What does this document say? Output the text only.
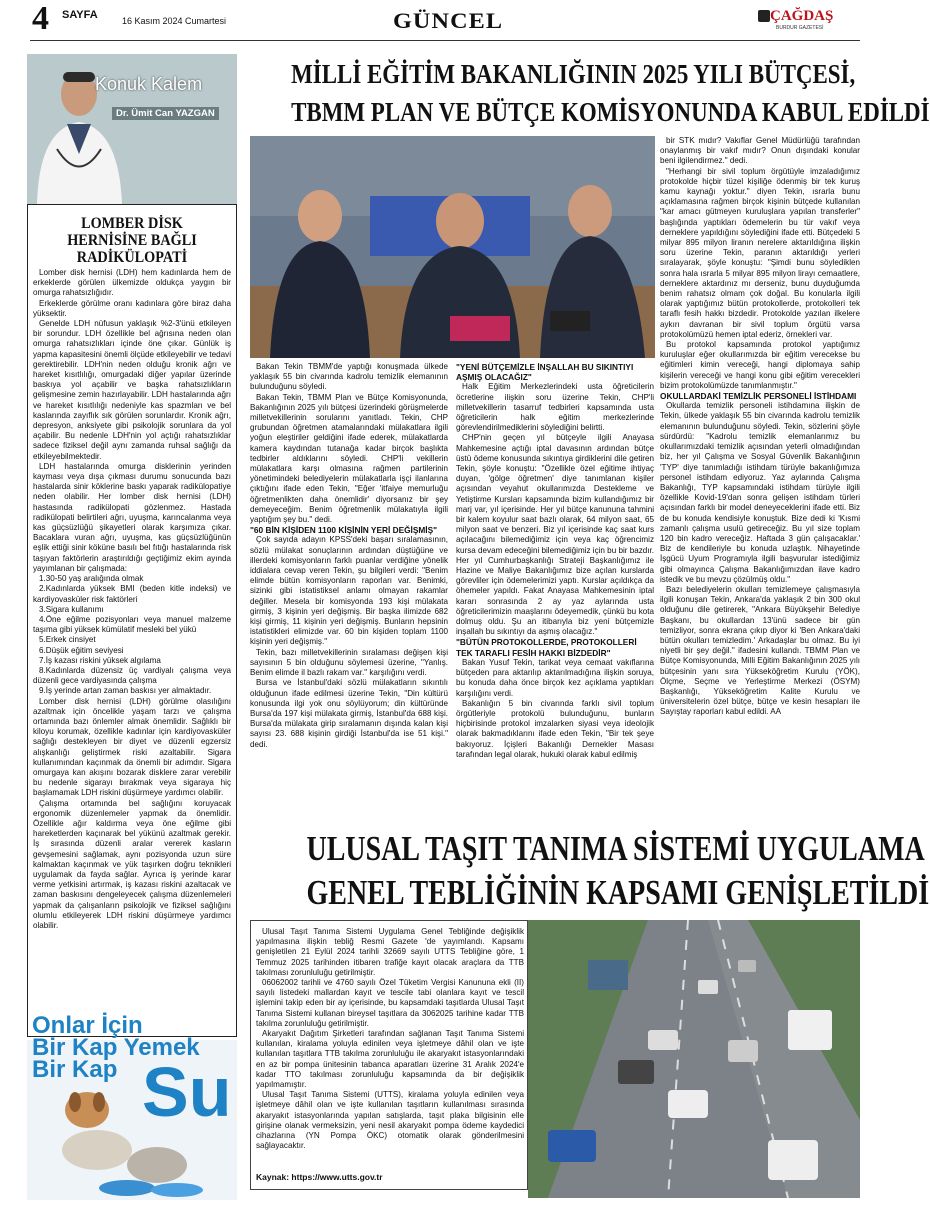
4 SAYFA	16 Kasım 2024 Cumartesi	GÜNCEL	ÇAĞDAŞ
BURDUR GAZETESİ
Konuk Kalem
Dr. Ümit Can YAZGAN
LOMBER DİSK HERNİSİNE BAĞLI RADİKÜLOPATİ
Lomber disk hernisi (LDH) hem kadınlarda hem de erkeklerde görülen ülkemizde oldukça yaygın bir omurga rahatsızlığıdır.
Erkeklerde görülme oranı kadınlara göre biraz daha yüksektir.
Genelde LDH nüfusun yaklaşık %2-3'ünü etkileyen bir sorundur. LDH özellikle bel ağrısına neden olan omurga rahatsızlıkları içinde öne çıkar. Günlük iş yapma kapasitesini önemli ölçüde etkileyebilir ve tedavi gerektirebilir. LDH'nin neden olduğu kronik ağrı ve hareket kısıtlılığı, omurgadaki diğer yapılar üzerinde baskıya yol açabilir ve başka rahatsızlıkların gelişmesine zemin hazırlayabilir. LDH hastalarında ağrı ve hareket kısıtlılığı nedeniyle kas spazmları ve bel kaslarında zayıflık sık görülen sorunlardır. Kronik ağrı, depresyon, anksiyete gibi psikolojik sorunlara da yol açabilir. Bu nedenle LDH'nin yol açtığı rahatsızlıklar sadece fiziksel değil aynı zamanda ruhsal sağlığı da etkileyebilmektedir.
LDH hastalarında omurga disklerinin yerinden kayması veya dışa çıkması durumu sonucunda bazı hastalarda sinir köklerine baskı yaparak radikülopatiye neden olabilir. Her lomber disk hernisi (LDH) hastasında radikülopati gözlenmez. Hastada radikülopati belirtileri ağrı, uyuşma, karıncalanma veya kas güçsüzlüğü şikayetleri olarak karşımıza çıkar. Bacaklara vuran ağrı, uyuşma, kas güçsüzlüğünün eşlik ettiği sinir köküne basılı bel fıtığı hastalarında risk taşıyan faktörlerin araştırıldığı geçtiğimiz ekim ayında yayımlanan bir çalışmada:
1.30-50 yaş aralığında olmak
2.Kadınlarda yüksek BMI (beden kitle indeksi) ve kardiyovasküler risk faktörleri
3.Sigara kullanımı
4.Öne eğilme pozisyonları veya manuel malzeme taşıma gibi yüksek kümülatif mesleki bel yükü
5.Erkek cinsiyet
6.Düşük eğitim seviyesi
7.İş kazası riskini yüksek algılama
8.Kadınlarda düzensiz üç vardiyalı çalışma veya düzenli gece vardiyasında çalışma
9.İş yerinde artan zaman baskısı yer almaktadır.
Lomber disk hernisi (LDH) görülme olasılığını azaltmak için öncelikle yaşam tarzı ve çalışma ortamında bazı önlemler almak önemlidir. Sağlıklı bir kiloyu korumak, özellikle kadınlar için kardiyovasküler sağlığı destekleyen bir diyet ve düzenli egzersiz alışkanlığı geliştirmek riski azaltabilir. Sigara kullanımından kaçınmak da önemli bir adımdır. Sigara omurgaya kan akışını bozarak disklere zarar verebilir bu nedenle sigarayı bırakmak veya sigaraya hiç başlamamak LDH riskini düşürmeye yardımcı olabilir.
Çalışma ortamında bel sağlığını koruyacak ergonomik düzenlemeler yapmak da önemlidir. Özellikle ağır kaldırma veya öne eğilme gibi hareketlerden kaçınarak bel yükünü azaltmak gerekir. İş sırasında düzenli aralar vererek kasların gevşemesini sağlamak, aynı pozisyonda uzun süre kalmaktan kaçınmak ve yük taşırken doğru teknikleri uygulamak da fayda sağlar. Ayrıca iş yerinde karar verme yetkisini artırmak, iş kazası riskini azaltacak ve zaman baskısını dengeleyecek çalışma düzenlemeleri yapmak da çalışanların psikolojik ve fiziksel sağlığını olumlu etkileyerek LDH riskini düşürmeye yardımcı olabilir.
Onlar İçin
Bir Kap Yemek
Bir Kap Su
MİLLİ EĞİTİM BAKANLIĞININ 2025 YILI BÜTÇESİ,
TBMM PLAN VE BÜTÇE KOMİSYONUNDA KABUL EDİLDİ
Bakan Tekin TBMM'de yaptığı konuşmada ülkede yaklaşık 55 bin civarında kadrolu temizlik elemanının bulunduğunu söyledi.
Bakan Tekin, TBMM Plan ve Bütçe Komisyonunda, Bakanlığının 2025 yılı bütçesi üzerindeki görüşmelerde milletvekillerinin sorularını yanıtladı. Tekin, CHP grubundan öğretmen atamalarındaki mülakatlara ilgili yoğun eleştiriler geldiğini ifade ederek, mülakatlarda kamera kaydından tutanağa kadar birçok başlıkta tedbirler aldıklarını söyledi. CHP'li vekillerin mülakatlara karşı olmasına rağmen partilerinin yönetimindeki belediyelerin mülakatlarla işçi ilanlarına çıktığını ifade eden Tekin, "Eğer 'itfaiye memurluğu öğretmenlikten daha önemlidir' diyorsanız bir şey demeyeceğim. Benim öğretmenlik mülakatıyla ilgili yaptığım şey bu." dedi.
"60 BİN KİŞİDEN 1100 KİŞİNİN YERİ DEĞİŞMİŞ"
Çok sayıda adayın KPSS'deki başarı sıralamasının, sözlü mülakat sonuçlarının ardından düştüğüne ve illerdeki komisyonların farklı puanlar verdiğine yönelik iddialara cevap veren Tekin, şu bilgileri verdi: "Benim elimde bütün komisyonların raporları var. Benimki, sizinki gibi istatistiksel anlamı olmayan rakamlar değiller. Mesela bir komisyonda 193 kişi mülakata girmiş, 3 kişinin yeri değişmiş. Bir başka ilimizde 682 kişi girmiş, 11 kişinin yeri değişmiş. Bunların hepsinin istatistikleri elimizde var. 60 bin kişiden toplam 1100 kişinin yeri değişmiş."
Tekin, bazı milletvekillerinin sıralaması değişen kişi sayısının 5 bin olduğunu söylemesi üzerine, "Yanlış. Benim elimde il bazlı rakam var." karşılığını verdi.
Bursa ve İstanbul'daki sözlü mülakatların sıkıntılı olduğunun ifade edilmesi üzerine Tekin, "Din kültürü konusunda ilgi yok onu söylüyorum; din kültüründe Bursa'da 197 kişi mülakata girmiş, İstanbul'da 688 kişi. Bursa'da mülakata girip sıralamanın dışında kalan kişi sayısı 23. 688 kişinin girdiği İstanbul'da ise 51 kişi." dedi.
"YENİ BÜTÇEMİZLE İNŞALLAH BU SIKINTIYI AŞMIŞ OLACAĞIZ"
Halk Eğitim Merkezlerindeki usta öğreticilerin öcretlerine ilişkin soru üzerine Tekin, CHP'li milletvekillerin tasarruf tedbirleri kapsamında usta öğreticilerin halk eğitim merkezlerinde görevlendirilmediklerini söylediğini belirtti.
CHP'nin geçen yıl bütçeyle ilgili Anayasa Mahkemesine açtığı iptal davasının ardından bütçe üstü ödeme konusunda sıkıntıya girdiklerini dile getiren Tekin, şöyle konuştu: "Özellikle özel eğitime ihtiyaç duyan, 'gölge öğretmen' diye tanımlanan kişiler açısından veyahut okullarımızda Destekleme ve Yetiştirme Kursları kapsamında bizim kullandığımız bir marj var, yıl içerisinde. Her yıl bütçe kanununa tahmini bir kalem koyulur saat bazlı olarak, 64 milyon saat, 65 milyon saat ve benzeri. Biz yıl içerisinde kaç saat kurs açılacağını bilemediğimiz için veya kaç öğrencimiz kursa devam edeceğini bilemediğimiz için bu bir bazdır. Her yıl Cumhurbaşkanlığı Strateji Başkanlığımız ile Hazine ve Maliye Bakanlığımız bize açılan kurslarda görevliler için ödemelerimizi yaptı. Kurslar açıldıkça da öhemeler yapıldı. Fakat Anayasa Mahkemesinin iptal kararı sonrasında 2 ay yaz aylarında usta öğreticilerimizin maaşlarını ödeyemedik, çünkü bu kota dolmuş oldu. Şu an itibarıyla biz yeni bütçemizle inşallah bu sıkıntıyı da aşmış olacağız."
"BÜTÜN PROTOKOLLERDE, PROTOKOLLERİ TEK TARAFLI FESİH HAKKI BİZDEDİR"
Bakan Yusuf Tekin, tarikat veya cemaat vakıflarına bütçeden para aktarılıp aktarılmadığına ilişkin soruya, bu konuda daha önce birçok kez açıklama yaptıkları karşılığını verdi.
Bakanlığın 5 bin civarında farklı sivil toplum örgütleriyle protokolü bulunduğunu, bunların hiçbirisinde protokol imzalarken siyasi veya ideolojik olarak bakmadıklarını ifade eden Tekin, "Bir tek şeye bakıyoruz. İçişleri Bakanlığı Dernekler Masası tarafından legal olarak, hukuki olarak kabul edilmiş
bir STK mıdır? Vakıflar Genel Müdürlüğü tarafından onaylanmış bir vakıf mıdır? Onun dışındaki konular beni ilgilendirmez." dedi.
"Herhangi bir sivil toplum örgütüyle imzaladığımız protokolde hiçbir tüzel kişiliğe ödenmiş bir tek kuruş kamu kaynağı yoktur." diyen Tekin, ısrarla bunu açıklamasına rağmen birçok kişinin bütçede kullanılan "kar amacı gütmeyen kuruluşlara yapılan transferler" başlığında yaptıkları ödemelerin bu tür vakıf veya derneklere yapıldığını söylediğini ifade etti. Bütçedeki 5 milyar 895 milyon liranın nerelere aktarıldığına ilişkin soru üzerine Tekin, paranın aktarıldığı yerleri sıralayarak, şöyle konuştu: "Şimdi bunu söylediklen sonra hala ısrarla 5 milyar 895 milyon lirayı cemaatlere, derneklere aktardınız mı derseniz, bunu duyduğumda benim rahatsız olmam çok doğal. Bu konularla ilgili olarak yaptığımız bütün protokollerde, protokolleri tek taraflı fesih hakkı bizdedir. Protokolde yazılan ilkelere aykırı davranan bir sivil toplum örgütü varsa protokolümüzü hemen iptal ederiz, örnekleri var.
Bu protokol kapsamında protokol yaptığımız kuruluşlar eğer okullarımızda bir eğitim verecekse bu eğitimleri kimin vereceği, hangi diplomaya sahip kişilerin vereceği ve hangi konu gibi eğitim verecekleri bizim protokolümüzde tanımlanmıştır."
OKULLARDAKİ TEMİZLİK PERSONELİ İSTİHDAMI
Okullarda temizlik personeli istihdamına ilişkin de Tekin, ülkede yaklaşık 55 bin civarında kadrolu temizlik elemanının bulunduğunu söyledi. Tekin, sözlerini şöyle sürdürdü: "Kadrolu temizlik elemanlarımız bu okullarımızdaki temizlik açısından yeterli olmadığından biz, her yıl Çalışma ve Sosyal Güvenlik Bakanlığının 'TYP' diye tanımladığı istihdam türüyle bakanlığımıza personel istihdam ediyoruz. Yaz aylarında Çalışma Bakanlığı, TYP kapsamındaki istihdam türüyle ilgili özellikle Kovid-19'dan sonra gelişen istihdam türleri açısından farklı bir model deneyeceklerini ifade etti. Biz de bu konuda kendisiyle konuştuk. Bize dedi ki 'Kısmi zamanlı çalışma usulü getireceğiz. Bu yıl size toplam 120 bin kadro vereceğiz. Haftada 3 gün çalışacaklar.' Biz de kendileriyle bu konuda uzlaştık. Nihayetinde İşgücü Uyum Programıyla ilgili başvurular istediğimiz gibi olmayınca Çalışma Bakanlığımızdan ilave kadro istedik ve bu mevzu çözülmüş oldu."
Bazı belediyelerin okulları temizlemeye çalışmasıyla ilgili konuşan Tekin, Ankara'da yaklaşık 2 bin 300 okul olduğunu dile getirerek, "Ankara Büyükşehir Belediye Başkanı, bu okullardan 13'ünü sadece bir gün temizliyor, sonra ekrana çıkıp diyor ki 'Ben Ankara'daki bütün okulları temizledim.' Arkadaşlar bu olmaz. Bu iyi niyetli bir şey değil." ifadesini kullandı. TBMM Plan ve Bütçe Komisyonunda, Milli Eğitim Bakanlığının 2025 yılı bütçesinin yanı sıra Yükseköğretim Kurulu (YÖK), Ölçme, Seçme ve Yerleştirme Merkezi (ÖSYM) Başkanlığı, Yükseköğretim Kalite Kurulu ve üniversitelerin özel bütçe, bütçe ve kesin hesapları ile Sayıştay raporları kabul edildi. AA
ULUSAL TAŞIT TANIMA SİSTEMİ UYGULAMA
GENEL TEBLİĞİNİN KAPSAMI GENİŞLETİLDİ
Ulusal Taşıt Tanıma Sistemi Uygulama Genel Tebliğinde değişiklik yapılmasına ilişkin tebliğ Resmi Gazete 'de yayımlandı. Kapsamı genişletilen 21 Eylül 2024 tarihli 32669 sayılı UTTS Tebliğine göre, 1 Temmuz 2025 tarihinden itibaren trafiğe kayıt olacak araçlara da TTB takılması zorunluluğu getirilmiştir.
06062002 tarihli ve 4760 sayılı Özel Tüketim Vergisi Kanununa ekli (II) sayılı listedeki mallardan kayıt ve tescile tabi olanlara kayıt ve tescil işlemini takip eden bir ay içerisinde, bu kapsamdaki taşıtlarda Ulusal Taşıt Tanıma Sistemi kullanan bireysel taşıtlara da 3062025 tarihine kadar TTB takılma zorunluluğu getirilmiştir.
Akaryakıt Dağıtım Şirketleri tarafından sağlanan Taşıt Tanıma Sistemi kullanılan, kiralama yoluyla edinilen veya işletmeye dâhil olan ve işte kullanılan taşıtlara TTB takılma zorunluluğu ile akaryakıt istasyonlarındaki en az bir pompa ünitesinin tabanca aparatları üzerine 31 Aralık 2024'e kadar TTO takılması zorunluluğu kapsamında da bir değişiklik yapılmamıştır.
Ulusal Taşıt Tanıma Sistemi (UTTS), kiralama yoluyla edinilen veya işletmeye dâhil olan ve işte kullanılan taşıtların kullanılması sırasında akaryakıt istasyonlarında yapılan satışlarda, taşıt plaka bilgisinin elle girişine olanak vermeksizin, yeni nesil akaryakıt pompa ödeme kaydedici cihazlarına (YN Pompa ÖKC) otomatik olarak gönderilmesini sağlayacaktır.
Kaynak: https://www.utts.gov.tr
